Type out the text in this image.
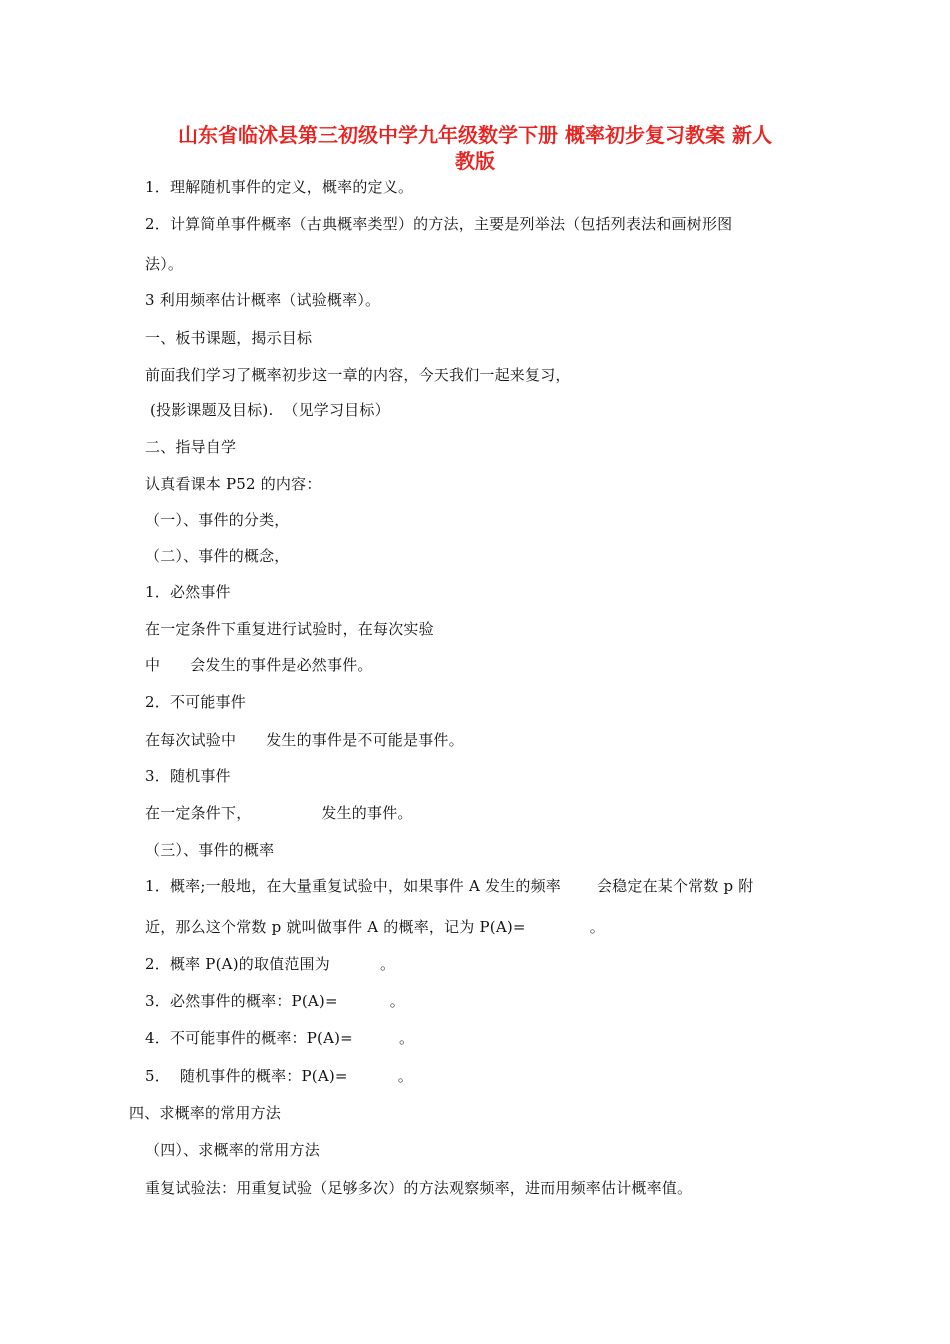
山东省临沭县第三初级中学九年级数学下册 概率初步复习教案 新人
教版
1．理解随机事件的定义，概率的定义。
2．计算简单事件概率（古典概率类型）的方法，主要是列举法（包括列表法和画树形图
法）。
3 利用频率估计概率（试验概率）。
一、板书课题，揭示目标
前面我们学习了概率初步这一章的内容，今天我们一起来复习，
(投影课题及目标).  （见学习目标）
二、指导自学
认真看课本 P52 的内容：
（一）、事件的分类，
（二）、事件的概念，
1．必然事件
在一定条件下重复进行试验时，在每次实验
中 会发生的事件是必然事件。
2．不可能事件
在每次试验中 发生的事件是不可能是事件。
3．随机事件
在一定条件下，	发生的事件。
（三）、事件的概率
1．概率;一般地，在大量重复试验中，如果事件 A 发生的频率 会稳定在某个常数 p 附
近，那么这个常数 p 就叫做事件 A 的概率，记为 P(A)=	。
2．概率 P(A)的取值范围为	。
3．必然事件的概率：P(A)=	。
4．不可能事件的概率：P(A)=	。
5．  随机事件的概率：P(A)=	。
四、求概率的常用方法
（四）、求概率的常用方法
重复试验法：用重复试验（足够多次）的方法观察频率，进而用频率估计概率值。
